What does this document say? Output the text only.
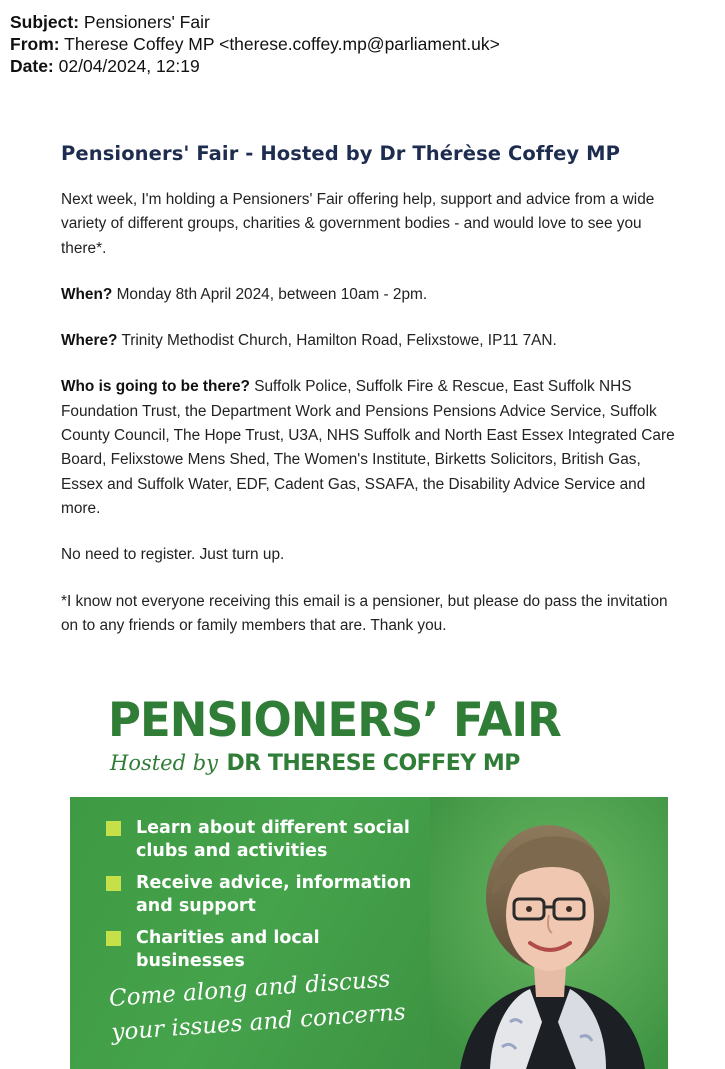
Subject: Pensioners' Fair
From: Therese Coffey MP <therese.coffey.mp@parliament.uk>
Date: 02/04/2024, 12:19
Pensioners' Fair - Hosted by Dr Thérèse Coffey MP

Next week, I'm holding a Pensioners' Fair offering help, support and advice from a wide variety of different groups, charities & government bodies - and would love to see you there*.

When? Monday 8th April 2024, between 10am - 2pm.

Where? Trinity Methodist Church, Hamilton Road, Felixstowe, IP11 7AN.

Who is going to be there? Suffolk Police, Suffolk Fire & Rescue, East Suffolk NHS Foundation Trust, the Department Work and Pensions Pensions Advice Service, Suffolk County Council, The Hope Trust, U3A, NHS Suffolk and North East Essex Integrated Care Board, Felixstowe Mens Shed, The Women's Institute, Birketts Solicitors, British Gas, Essex and Suffolk Water, EDF, Cadent Gas, SSAFA, the Disability Advice Service and more.

No need to register. Just turn up.

*I know not everyone receiving this email is a pensioner, but please do pass the invitation on to any friends or family members that are. Thank you.

PENSIONERS’ FAIR
Hosted by DR THERESE COFFEY MP
Learn about different social
clubs and activities
Receive advice, information
and support
Charities and local businesses
Come along and discuss
your issues and concerns
